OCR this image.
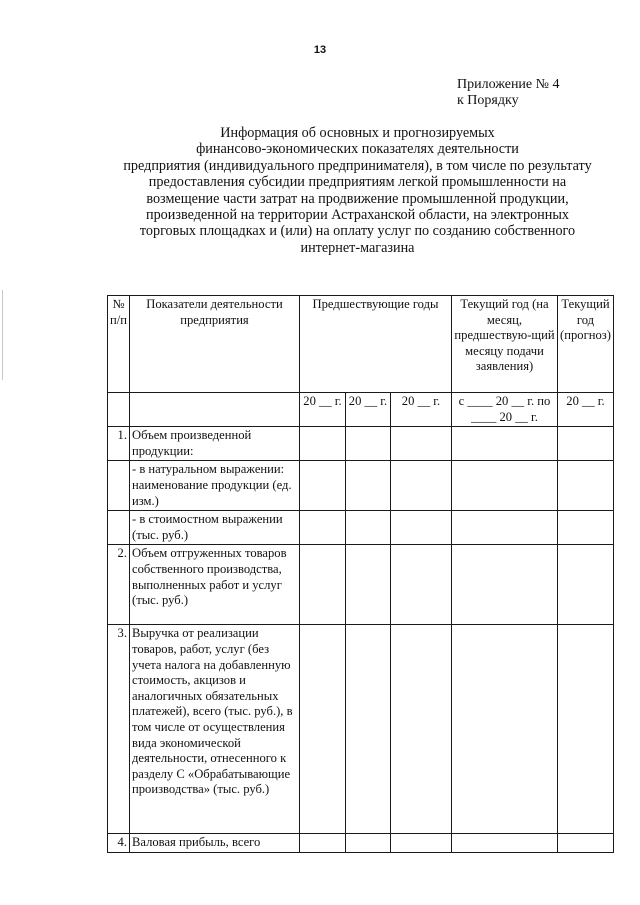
13
Приложение № 4
к Порядку
Информация об основных и прогнозируемых
финансово-экономических показателях деятельности
предприятия (индивидуального предпринимателя), в том числе по результату
предоставления субсидии предприятиям легкой промышленности на
возмещение части затрат на продвижение промышленной продукции,
произведенной на территории Астраханской области, на электронных
торговых площадках и (или) на оплату услуг по созданию собственного
интернет-магазина
№ п/п	Показатели деятельности предприятия	Предшествующие годы			Текущий год (на месяц, предшествую-щий месяцу подачи заявления)	Текущий год (прогноз)
		20 __ г.	20 __ г.	20 __ г.	с ____ 20 __ г. по ____ 20 __ г.	20 __ г.
1.	Объем произведенной продукции:					
	- в натуральном выражении: наименование продукции (ед. изм.)					
	- в стоимостном выражении (тыс. руб.)					
2.	Объем отгруженных товаров собственного производства, выполненных работ и услуг (тыс. руб.)					
3.	Выручка от реализации товаров, работ, услуг (без учета налога на добавленную стоимость, акцизов и аналогичных обязательных платежей), всего (тыс. руб.), в том числе от осуществления вида экономической деятельности, отнесенного к разделу C «Обрабатывающие производства» (тыс. руб.)					
4.	Валовая прибыль, всего					
